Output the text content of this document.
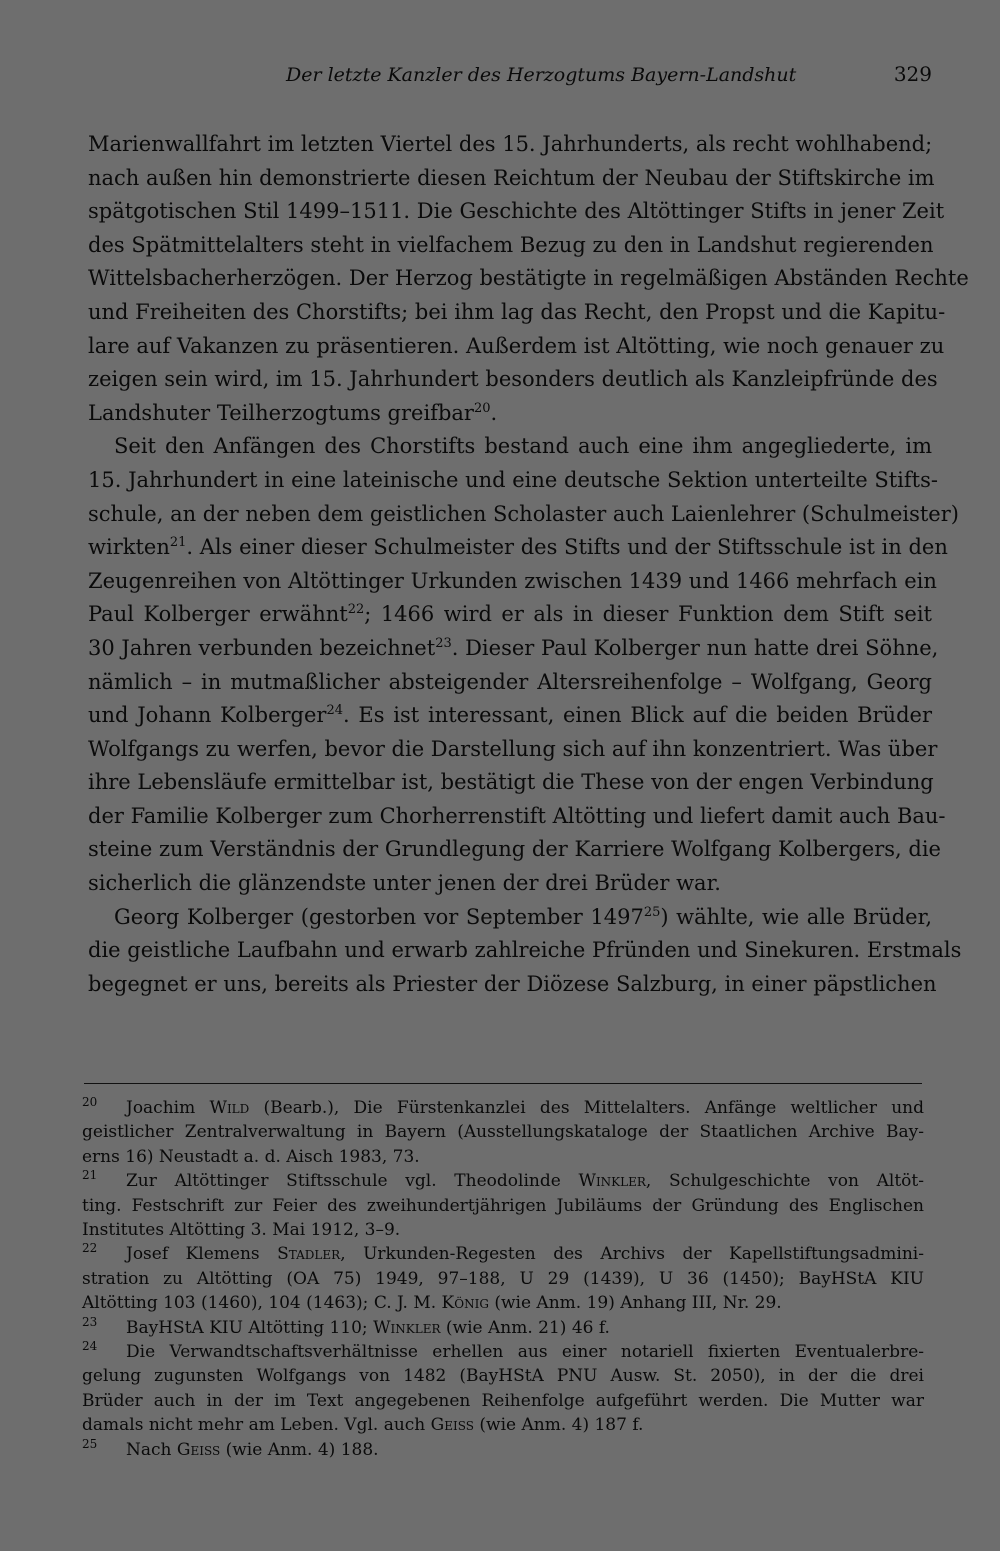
Der letzte Kanzler des Herzogtums Bayern-Landshut	329

Marienwallfahrt im letzten Viertel des 15. Jahrhunderts, als recht wohlhabend;
nach außen hin demonstrierte diesen Reichtum der Neubau der Stiftskirche im
spätgotischen Stil 1499–1511. Die Geschichte des Altöttinger Stifts in jener Zeit
des Spätmittelalters steht in vielfachem Bezug zu den in Landshut regierenden
Wittelsbacherherzögen. Der Herzog bestätigte in regelmäßigen Abständen Rechte
und Freiheiten des Chorstifts; bei ihm lag das Recht, den Propst und die Kapitu-
lare auf Vakanzen zu präsentieren. Außerdem ist Altötting, wie noch genauer zu
zeigen sein wird, im 15. Jahrhundert besonders deutlich als Kanzleipfründe des
Landshuter Teilherzogtums greifbar$^{20}$.

Seit den Anfängen des Chorstifts bestand auch eine ihm angegliederte, im
15. Jahrhundert in eine lateinische und eine deutsche Sektion unterteilte Stifts-
schule, an der neben dem geistlichen Scholaster auch Laienlehrer (Schulmeister)
wirkten$^{21}$. Als einer dieser Schulmeister des Stifts und der Stiftsschule ist in den
Zeugenreihen von Altöttinger Urkunden zwischen 1439 und 1466 mehrfach ein
Paul Kolberger erwähnt$^{22}$; 1466 wird er als in dieser Funktion dem Stift seit
30 Jahren verbunden bezeichnet$^{23}$. Dieser Paul Kolberger nun hatte drei Söhne,
nämlich – in mutmaßlicher absteigender Altersreihenfolge – Wolfgang, Georg
und Johann Kolberger$^{24}$. Es ist interessant, einen Blick auf die beiden Brüder
Wolfgangs zu werfen, bevor die Darstellung sich auf ihn konzentriert. Was über
ihre Lebensläufe ermittelbar ist, bestätigt die These von der engen Verbindung
der Familie Kolberger zum Chorherrenstift Altötting und liefert damit auch Bau-
steine zum Verständnis der Grundlegung der Karriere Wolfgang Kolbergers, die
sicherlich die glänzendste unter jenen der drei Brüder war.

Georg Kolberger (gestorben vor September 1497$^{25}$) wählte, wie alle Brüder,
die geistliche Laufbahn und erwarb zahlreiche Pfründen und Sinekuren. Erstmals
begegnet er uns, bereits als Priester der Diözese Salzburg, in einer päpstlichen

20 Joachim Wild (Bearb.), Die Fürstenkanzlei des Mittelalters. Anfänge weltlicher und
geistlicher Zentralverwaltung in Bayern (Ausstellungskataloge der Staatlichen Archive Bay-
erns 16) Neustadt a. d. Aisch 1983, 73.
21 Zur Altöttinger Stiftsschule vgl. Theodolinde Winkler, Schulgeschichte von Altöt-
ting. Festschrift zur Feier des zweihundertjährigen Jubiläums der Gründung des Englischen
Institutes Altötting 3. Mai 1912, 3–9.
22 Josef Klemens Stadler, Urkunden-Regesten des Archivs der Kapellstiftungsadmini-
stration zu Altötting (OA 75) 1949, 97–188, U 29 (1439), U 36 (1450); BayHStA KIU
Altötting 103 (1460), 104 (1463); C. J. M. König (wie Anm. 19) Anhang III, Nr. 29.
23 BayHStA KIU Altötting 110; Winkler (wie Anm. 21) 46 f.
24 Die Verwandtschaftsverhältnisse erhellen aus einer notariell fixierten Eventualerbre-
gelung zugunsten Wolfgangs von 1482 (BayHStA PNU Ausw. St. 2050), in der die drei
Brüder auch in der im Text angegebenen Reihenfolge aufgeführt werden. Die Mutter war
damals nicht mehr am Leben. Vgl. auch Geiss (wie Anm. 4) 187 f.
25 Nach Geiss (wie Anm. 4) 188.
